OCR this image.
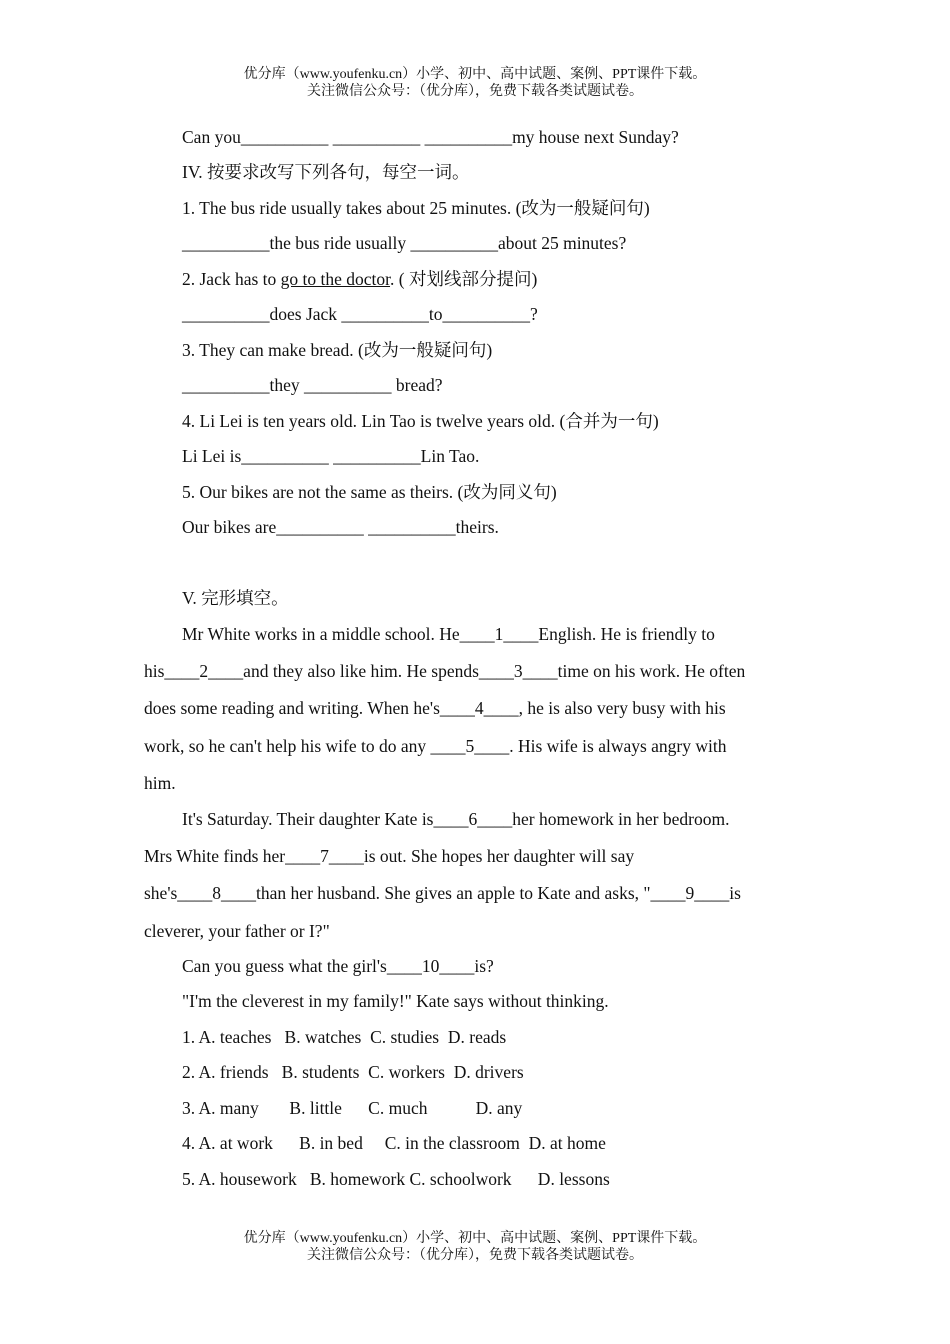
优分库（www.youfenku.cn）小学、初中、高中试题、案例、PPT课件下载。
关注微信公众号：（优分库），免费下载各类试题试卷。
Can you__________ __________ __________my house next Sunday?
IV. 按要求改写下列各句，每空一词。
1. The bus ride usually takes about 25 minutes. (改为一般疑问句)
__________the bus ride usually __________about 25 minutes?
2. Jack has to go to the doctor. ( 对划线部分提问)
__________does Jack __________to__________?
3. They can make bread. (改为一般疑问句)
__________they __________ bread?
4. Li Lei is ten years old. Lin Tao is twelve years old. (合并为一句)
Li Lei is__________ __________Lin Tao.
5. Our bikes are not the same as theirs. (改为同义句)
Our bikes are__________ __________theirs.
V. 完形填空。
Mr White works in a middle school. He____1____English. He is friendly to
his____2____and they also like him. He spends____3____time on his work. He often
does some reading and writing. When he's____4____, he is also very busy with his
work, so he can't help his wife to do any ____5____. His wife is always angry with
him.
It's Saturday. Their daughter Kate is____6____her homework in her bedroom.
Mrs White finds her____7____is out. She hopes her daughter will say
she's____8____than her husband. She gives an apple to Kate and asks, "____9____is
cleverer, your father or I?"
Can you guess what the girl's____10____is?
"I'm the cleverest in my family!" Kate says without thinking.
1. A. teaches   B. watches  C. studies  D. reads
2. A. friends   B. students  C. workers  D. drivers
3. A. many       B. little      C. much           D. any
4. A. at work      B. in bed     C. in the classroom  D. at home
5. A. housework   B. homework C. schoolwork      D. lessons
优分库（www.youfenku.cn）小学、初中、高中试题、案例、PPT课件下载。
关注微信公众号：（优分库），免费下载各类试题试卷。
